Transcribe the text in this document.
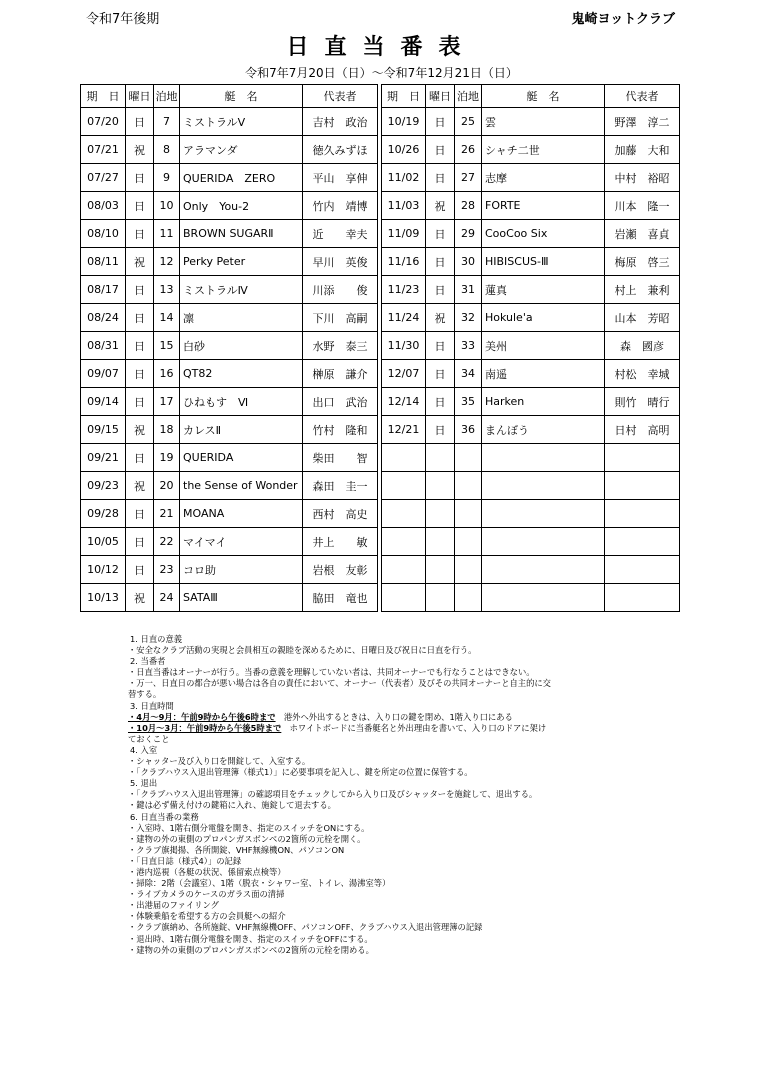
令和7年後期	鬼崎ヨットクラブ
日直当番表
令和7年7月20日（日）～令和7年12月21日（日）
期　日	曜日	泊地	艇　名	代表者
07/20	日	7	ミストラルⅤ	吉村　政治
07/21	祝	8	アラマンダ	徳久みずほ
07/27	日	9	QUERIDA　ZERO	平山　享伸
08/03	日	10	Only　You-2	竹内　靖博
08/10	日	11	BROWN SUGARⅡ	近　　幸夫
08/11	祝	12	Perky Peter	早川　英俊
08/17	日	13	ミストラルⅣ	川添　　俊
08/24	日	14	凛	下川　高嗣
08/31	日	15	白砂	水野　泰三
09/07	日	16	QT82	榊原　謙介
09/14	日	17	ひねもす　Ⅵ	出口　武治
09/15	祝	18	カレスⅡ	竹村　隆和
09/21	日	19	QUERIDA	柴田　　智
09/23	祝	20	the Sense of Wonder	森田　圭一
09/28	日	21	MOANA	西村　高史
10/05	日	22	マイマイ	井上　　敏
10/12	日	23	コロ助	岩根　友彰
10/13	祝	24	SATAⅢ	脇田　竜也
期　日	曜日	泊地	艇　名	代表者
10/19	日	25	雲	野澤　淳二
10/26	日	26	シャチ二世	加藤　大和
11/02	日	27	志摩	中村　裕昭
11/03	祝	28	FORTE	川本　隆一
11/09	日	29	CooCoo Six	岩瀬　喜貞
11/16	日	30	HIBISCUS-Ⅲ	梅原　啓三
11/23	日	31	蓮真	村上　兼利
11/24	祝	32	Hokule'a	山本　芳昭
11/30	日	33	美州	森　國彦
12/07	日	34	南遥	村松　幸城
12/14	日	35	Harken	則竹　晴行
12/21	日	36	まんぼう	日村　高明

1. 日直の意義
・安全なクラブ活動の実現と会員相互の親睦を深めるために、日曜日及び祝日に日直を行う。
2. 当番者
・日直当番はオーナーが行う。当番の意義を理解していない者は、共同オーナーでも行なうことはできない。
・万一、日直日の都合が悪い場合は各自の責任において、オーナー（代表者）及びその共同オーナーと自主的に交
替する。
3. 日直時間
・4月～9月：午前9時から午後6時まで　港外へ外出するときは、入り口の鍵を閉め、1階入り口にある
・10月～3月：午前9時から午後5時まで　ホワイトボードに当番艇名と外出理由を書いて、入り口のドアに架け
ておくこと
4. 入室
・シャッター及び入り口を開錠して、入室する。
・「クラブハウス入退出管理簿（様式1）」に必要事項を記入し、鍵を所定の位置に保管する。
5. 退出
・「クラブハウス入退出管理簿」の確認項目をチェックしてから入り口及びシャッターを施錠して、退出する。
・鍵は必ず備え付けの鍵箱に入れ、施錠して退去する。
6. 日直当番の業務
・入室時、1階右側分電盤を開き、指定のスイッチをONにする。
・建物の外の東側のプロパンガスボンベの2箇所の元栓を開く。
・クラブ旗掲揚、各所開錠、VHF無線機ON、パソコンON
・「日直日誌（様式4）」の記録
・港内巡視（各艇の状況、係留索点検等）
・掃除：2階（会議室）、1階（脱衣・シャワー室、トイレ、湯沸室等）
・ライブカメラのケースのガラス面の清掃
・出港届のファイリング
・体験乗船を希望する方の会員艇への紹介
・クラブ旗納め、各所施錠、VHF無線機OFF、パソコンOFF、クラブハウス入退出管理簿の記録
・退出時、1階右側分電盤を開き、指定のスイッチをOFFにする。
・建物の外の東側のプロパンガスボンベの2箇所の元栓を閉める。
